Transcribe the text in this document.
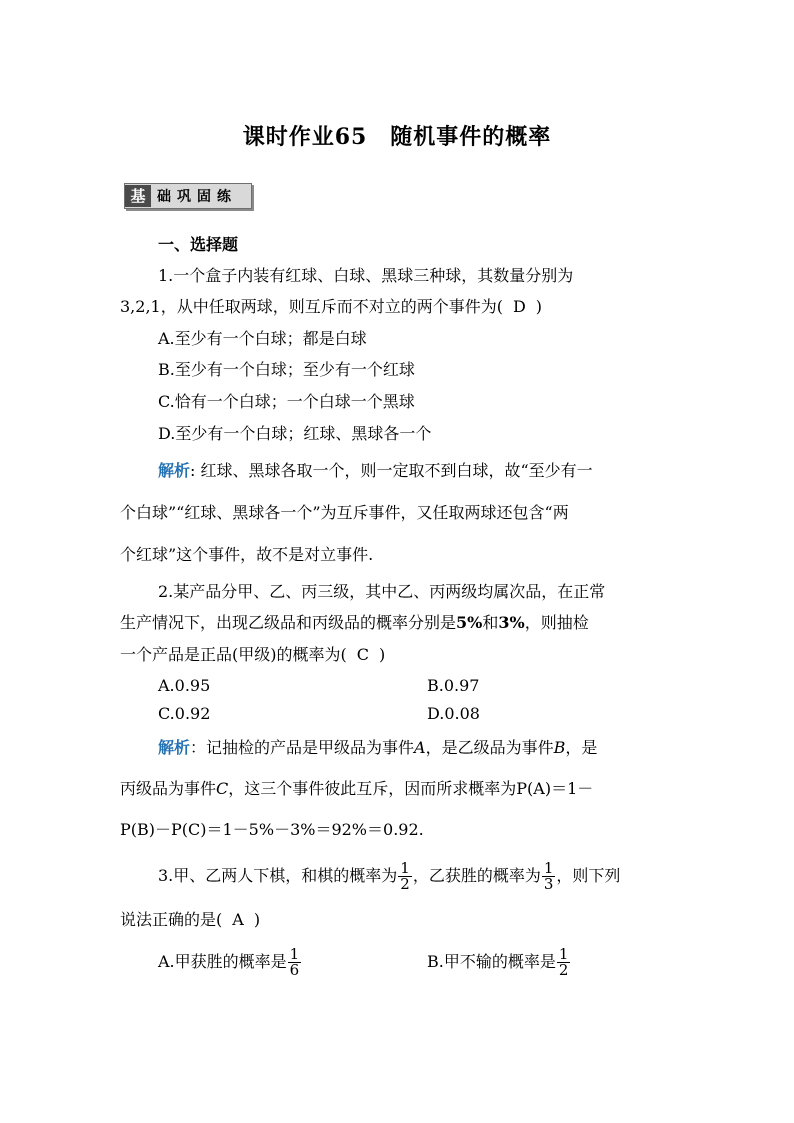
课时作业65　随机事件的概率
基 础巩固练
一、选择题
1.一个盒子内装有红球、白球、黑球三种球，其数量分别为
3,2,1，从中任取两球，则互斥而不对立的两个事件为( D )
A.至少有一个白球；都是白球
B.至少有一个白球；至少有一个红球
C.恰有一个白球；一个白球一个黑球
D.至少有一个白球；红球、黑球各一个
解析: 红球、黑球各取一个，则一定取不到白球，故“至少有一
个白球”“红球、黑球各一个”为互斥事件，又任取两球还包含“两
个红球”这个事件，故不是对立事件.
2.某产品分甲、乙、丙三级，其中乙、丙两级均属次品，在正常
生产情况下，出现乙级品和丙级品的概率分别是5%和3%，则抽检
一个产品是正品(甲级)的概率为( C )
A.0.95	B.0.97
C.0.92	D.0.08
解析：记抽检的产品是甲级品为事件A，是乙级品为事件B，是
丙级品为事件C，这三个事件彼此互斥，因而所求概率为P(A)＝1－
P(B)－P(C)＝1－5%－3%＝92%＝0.92.
3.甲、乙两人下棋，和棋的概率为 $\frac{1}{2}$ ，乙获胜的概率为 $\frac{1}{3}$ ，则下列
说法正确的是( A )
A.甲获胜的概率是 $\frac{1}{6}$	B.甲不输的概率是 $\frac{1}{2}$
